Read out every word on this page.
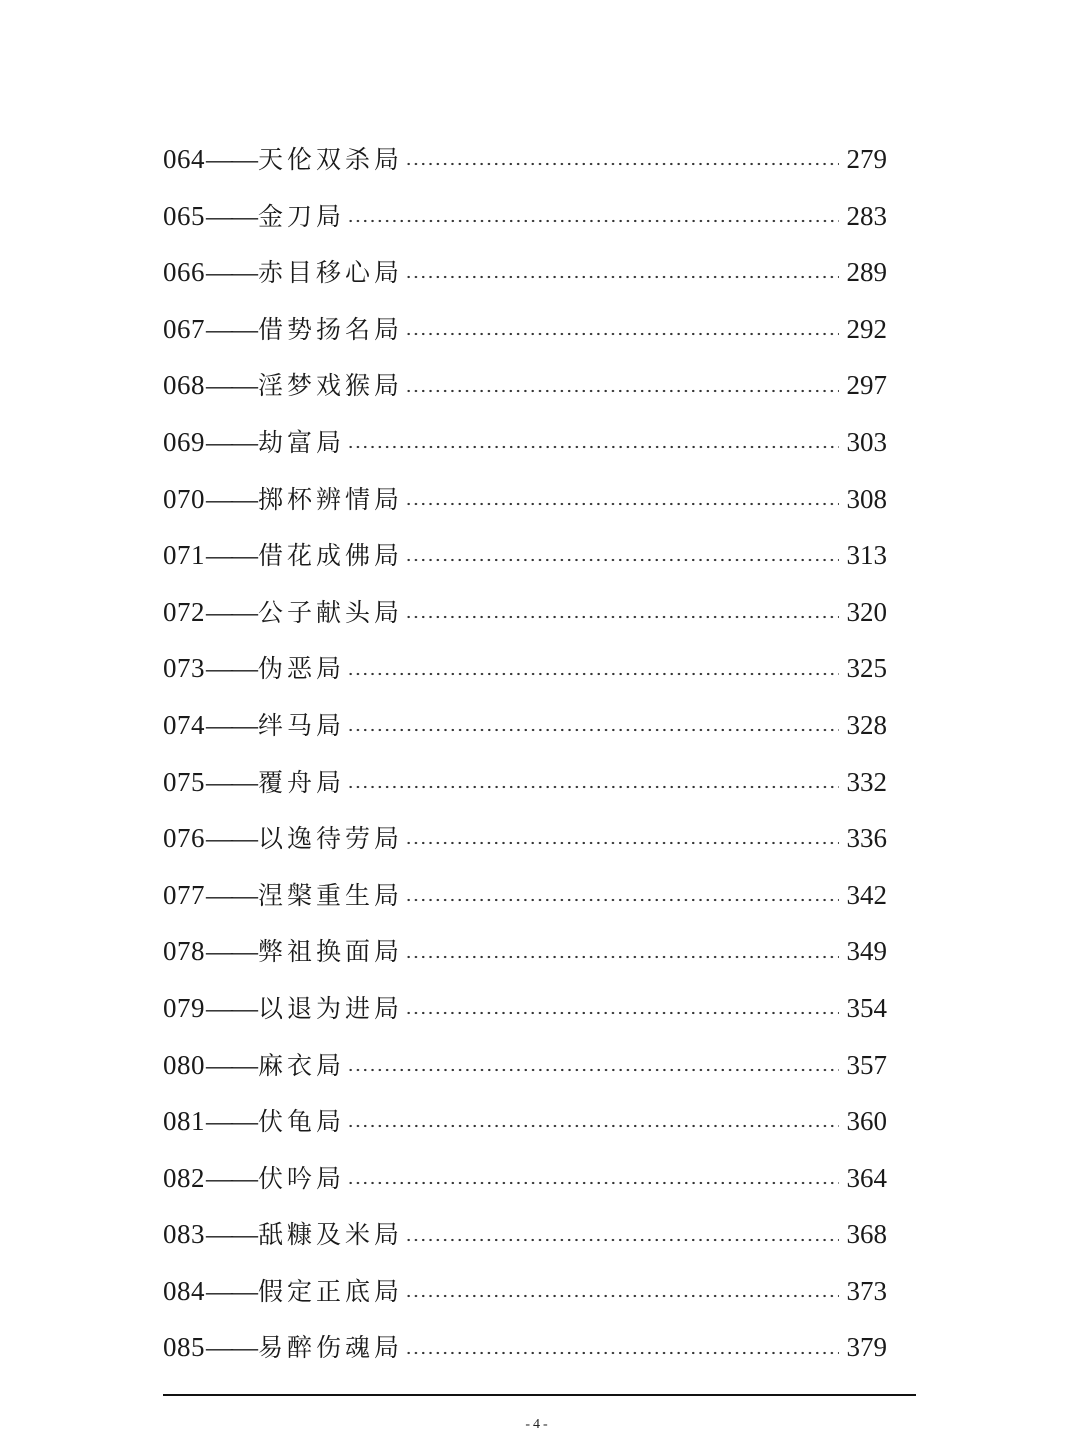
064 —— 天伦双杀局	279
065 —— 金刀局	283
066 —— 赤目移心局	289
067 —— 借势扬名局	292
068 —— 淫梦戏猴局	297
069 —— 劫富局	303
070 —— 掷杯辨情局	308
071 —— 借花成佛局	313
072 —— 公子献头局	320
073 —— 伪恶局	325
074 —— 绊马局	328
075 —— 覆舟局	332
076 —— 以逸待劳局	336
077 —— 涅槃重生局	342
078 —— 弊祖换面局	349
079 —— 以退为进局	354
080 —— 麻衣局	357
081 —— 伏龟局	360
082 —— 伏吟局	364
083 —— 舐糠及米局	368
084 —— 假定正底局	373
085 —— 易醉伤魂局	379
-4-
